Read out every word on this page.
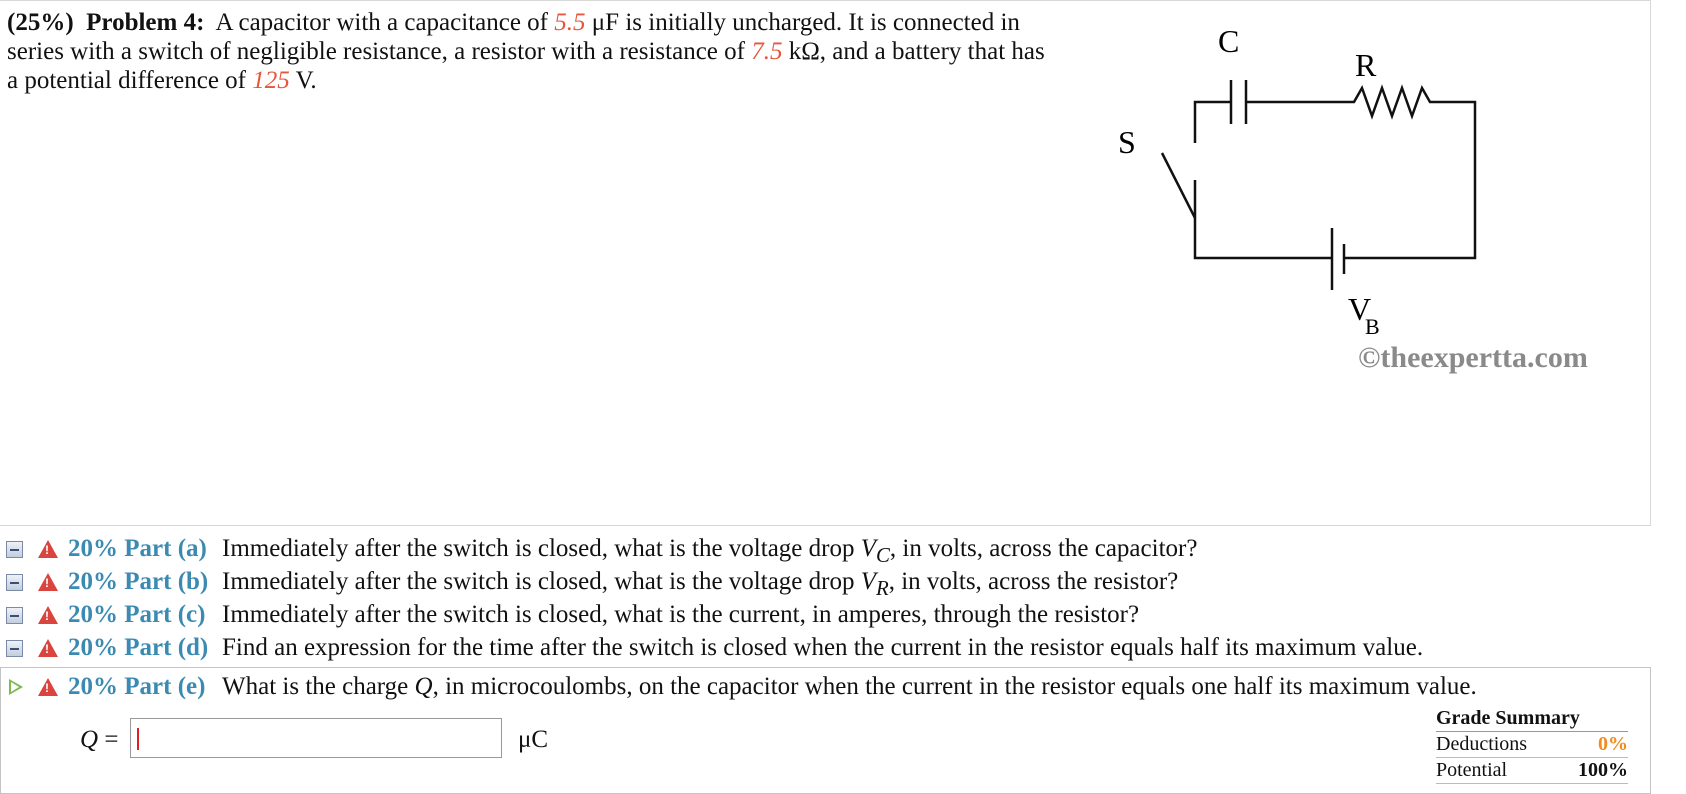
(25%) Problem 4: A capacitor with a capacitance of 5.5 μF is initially uncharged. It is connected in series with a switch of negligible resistance, a resistor with a resistance of 7.5 kΩ, and a battery that has a potential difference of 125 V.
C
R
S
V
B
©theexpertta.com
! 20% Part (a) Immediately after the switch is closed, what is the voltage drop $V_C$, in volts, across the capacitor?
! 20% Part (b) Immediately after the switch is closed, what is the voltage drop $V_R$, in volts, across the resistor?
! 20% Part (c) Immediately after the switch is closed, what is the current, in amperes, through the resistor?
! 20% Part (d) Find an expression for the time after the switch is closed when the current in the resistor equals half its maximum value.
! 20% Part (e) What is the charge Q, in microcoulombs, on the capacitor when the current in the resistor equals one half its maximum value.
Q =	μC
Grade Summary
Deductions	0%
Potential	100%
